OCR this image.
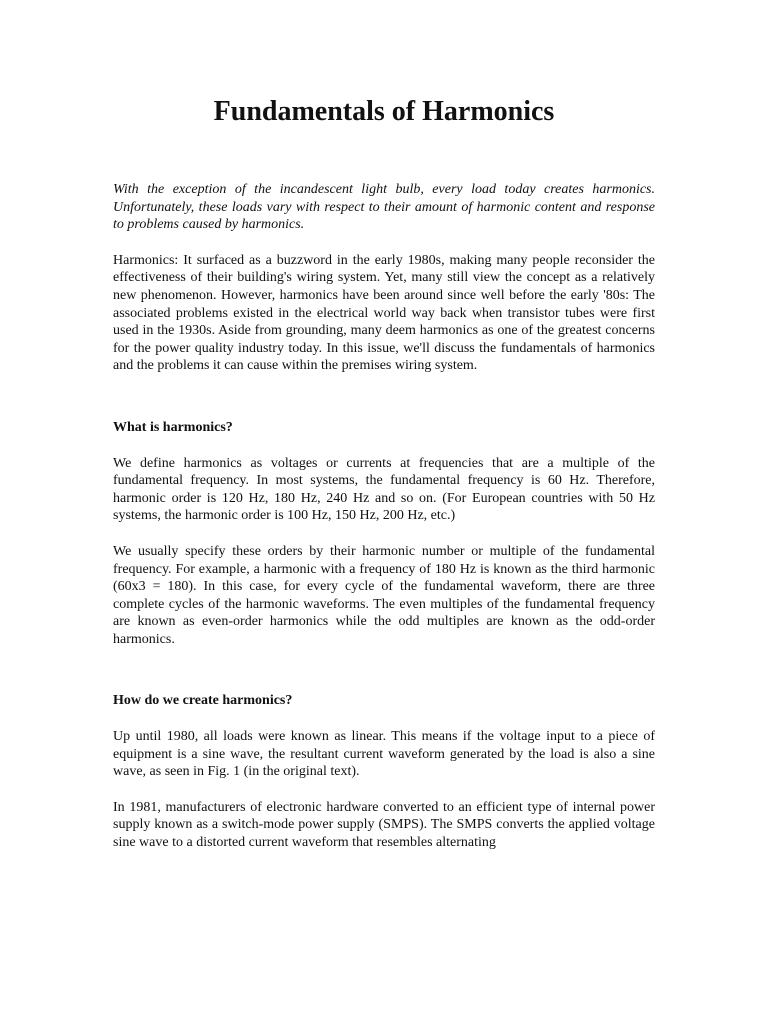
Fundamentals of Harmonics

With the exception of the incandescent light bulb, every load today creates harmonics. Unfortunately, these loads vary with respect to their amount of harmonic content and response to problems caused by harmonics.

Harmonics: It surfaced as a buzzword in the early 1980s, making many people reconsider the effectiveness of their building's wiring system. Yet, many still view the concept as a relatively new phenomenon. However, harmonics have been around since well before the early '80s: The associated problems existed in the electrical world way back when transistor tubes were first used in the 1930s. Aside from grounding, many deem harmonics as one of the greatest concerns for the power quality industry today. In this issue, we'll discuss the fundamentals of harmonics and the problems it can cause within the premises wiring system.

What is harmonics?

We define harmonics as voltages or currents at frequencies that are a multiple of the fundamental frequency. In most systems, the fundamental frequency is 60 Hz. Therefore, harmonic order is 120 Hz, 180 Hz, 240 Hz and so on. (For European countries with 50 Hz systems, the harmonic order is 100 Hz, 150 Hz, 200 Hz, etc.)

We usually specify these orders by their harmonic number or multiple of the fundamental frequency. For example, a harmonic with a frequency of 180 Hz is known as the third harmonic (60x3 = 180). In this case, for every cycle of the fundamental waveform, there are three complete cycles of the harmonic waveforms. The even multiples of the fundamental frequency are known as even-order harmonics while the odd multiples are known as the odd-order harmonics.

How do we create harmonics?

Up until 1980, all loads were known as linear. This means if the voltage input to a piece of equipment is a sine wave, the resultant current waveform generated by the load is also a sine wave, as seen in Fig. 1 (in the original text).

In 1981, manufacturers of electronic hardware converted to an efficient type of internal power supply known as a switch-mode power supply (SMPS). The SMPS converts the applied voltage sine wave to a distorted current waveform that resembles alternating
